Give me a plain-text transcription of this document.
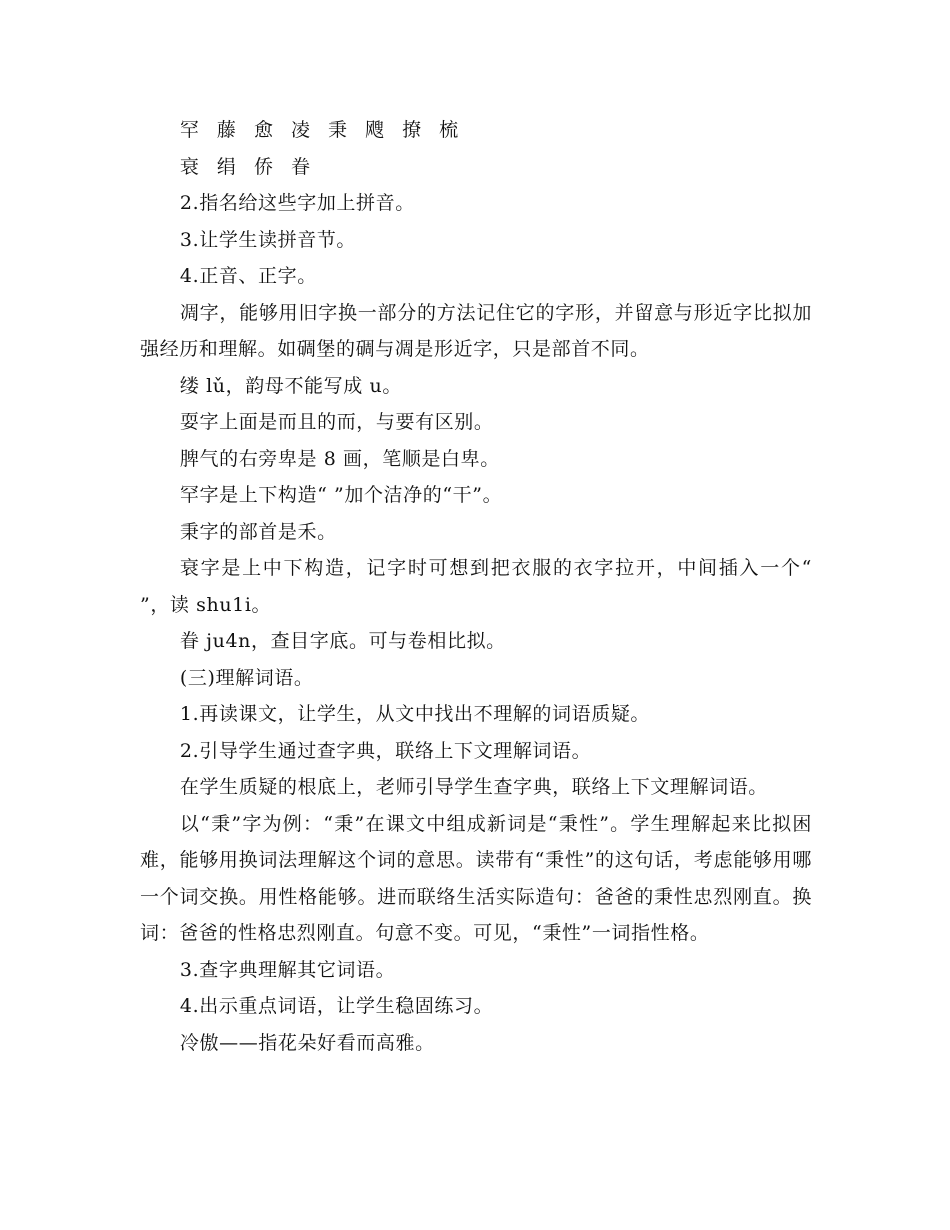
罕 藤 愈 凌 秉 飕 撩 梳

衰 绢 侨 眷

2.指名给这些字加上拼音。

3.让学生读拼音节。

4.正音、正字。

凋字，能够用旧字换一部分的方法记住它的字形，并留意与形近字比拟加强经历和理解。如碉堡的碉与凋是形近字，只是部首不同。

缕 lǔ，韵母不能写成 u。

耍字上面是而且的而，与要有区别。

脾气的右旁卑是 8 画，笔顺是白卑。

罕字是上下构造“ ”加个洁净的“干”。

秉字的部首是禾。

衰字是上中下构造，记字时可想到把衣服的衣字拉开，中间插入一个“ ”，读 shu1i。

眷 ju4n，查目字底。可与卷相比拟。

(三)理解词语。

1.再读课文，让学生，从文中找出不理解的词语质疑。

2.引导学生通过查字典，联络上下文理解词语。

在学生质疑的根底上，老师引导学生查字典，联络上下文理解词语。

以“秉”字为例：“秉”在课文中组成新词是“秉性”。学生理解起来比拟困难，能够用换词法理解这个词的意思。读带有“秉性”的这句话，考虑能够用哪一个词交换。用性格能够。进而联络生活实际造句：爸爸的秉性忠烈刚直。换词：爸爸的性格忠烈刚直。句意不变。可见，“秉性”一词指性格。

3.查字典理解其它词语。

4.出示重点词语，让学生稳固练习。

冷傲——指花朵好看而高雅。
